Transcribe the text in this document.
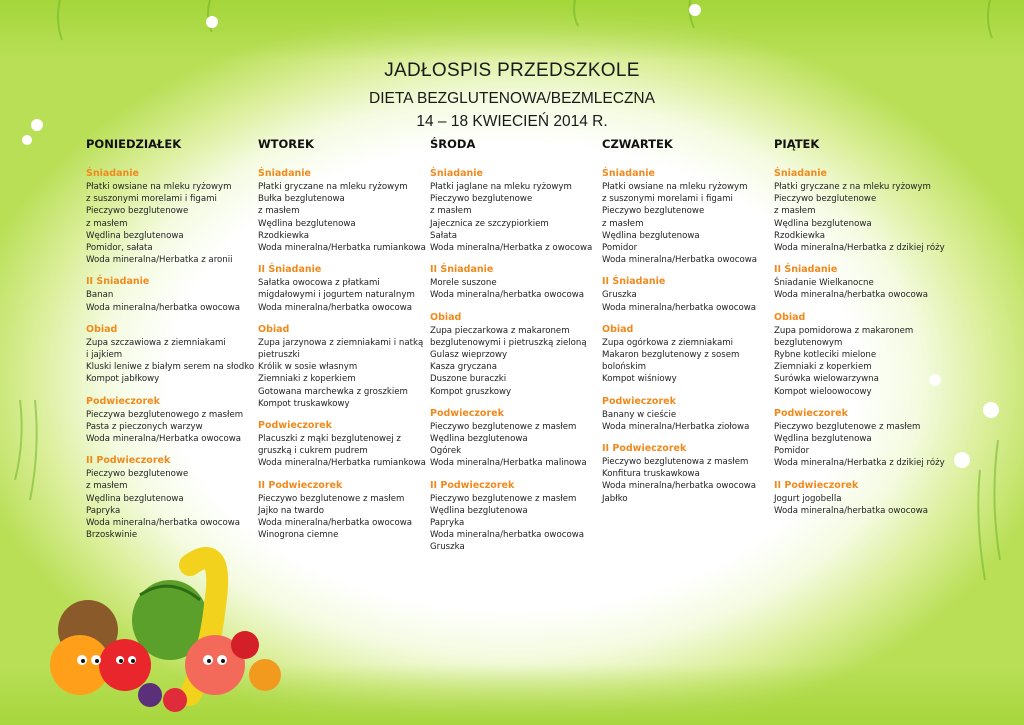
JADŁOSPIS PRZEDSZKOLE
DIETA BEZGLUTENOWA/BEZMLECZNA
14 – 18 KWIECIEŃ 2014 R.
PONIEDZIAŁEK
Śniadanie
Płatki owsiane na mleku ryżowym
z suszonymi morelami i figami
Pieczywo bezglutenowe
z masłem
Wędlina bezglutenowa
Pomidor, sałata
Woda mineralna/Herbatka z aronii
II Śniadanie
Banan
Woda mineralna/herbatka owocowa
Obiad
Zupa szczawiowa z ziemniakami
i jajkiem
Kluski leniwe z białym serem na słodko
Kompot jabłkowy
Podwieczorek
Pieczywa bezglutenowego z masłem
Pasta z pieczonych warzyw
Woda mineralna/Herbatka owocowa
II Podwieczorek
Pieczywo bezglutenowe
z masłem
Wędlina bezglutenowa
Papryka
Woda mineralna/herbatka owocowa
Brzoskwinie
WTOREK
Śniadanie
Płatki gryczane na mleku ryżowym
Bułka bezglutenowa
z masłem
Wędlina bezglutenowa
Rzodkiewka
Woda mineralna/Herbatka rumiankowa
II Śniadanie
Sałatka owocowa z płatkami
migdałowymi i jogurtem naturalnym
Woda mineralna/herbatka owocowa
Obiad
Zupa jarzynowa z ziemniakami i natką
pietruszki
Królik w sosie własnym
Ziemniaki z koperkiem
Gotowana marchewka z groszkiem
Kompot truskawkowy
Podwieczorek
Placuszki z mąki bezglutenowej z
gruszką i cukrem pudrem
Woda mineralna/Herbatka rumiankowa
II Podwieczorek
Pieczywo bezglutenowe z masłem
Jajko na twardo
Woda mineralna/herbatka owocowa
Winogrona ciemne
ŚRODA
Śniadanie
Płatki jaglane na mleku ryżowym
Pieczywo bezglutenowe
z masłem
Jajecznica ze szczypiorkiem
Sałata
Woda mineralna/Herbatka z owocowa
II Śniadanie
Morele suszone
Woda mineralna/herbatka owocowa
Obiad
Zupa pieczarkowa z makaronem
bezglutenowymi i pietruszką zieloną
Gulasz wieprzowy
Kasza gryczana
Duszone buraczki
Kompot gruszkowy
Podwieczorek
Pieczywo bezglutenowe z masłem
Wędlina bezglutenowa
Ogórek
Woda mineralna/Herbatka malinowa
II Podwieczorek
Pieczywo bezglutenowe z masłem
Wędlina bezglutenowa
Papryka
Woda mineralna/herbatka owocowa
Gruszka
CZWARTEK
Śniadanie
Płatki owsiane na mleku ryżowym
z suszonymi morelami i figami
Pieczywo bezglutenowe
z masłem
Wędlina bezglutenowa
Pomidor
Woda mineralna/Herbatka owocowa
II Śniadanie
Gruszka
Woda mineralna/herbatka owocowa
Obiad
Zupa ogórkowa z ziemniakami
Makaron bezglutenowy z sosem
bolońskim
Kompot wiśniowy
Podwieczorek
Banany w cieście
Woda mineralna/Herbatka ziołowa
II Podwieczorek
Pieczywo bezglutenowa z masłem
Konfitura truskawkowa
Woda mineralna/herbatka owocowa
Jabłko
PIĄTEK
Śniadanie
Płatki gryczane z na mleku ryżowym
Pieczywo bezglutenowe
z masłem
Wędlina bezglutenowa
Rzodkiewka
Woda mineralna/Herbatka z dzikiej róży
II Śniadanie
Śniadanie Wielkanocne
Woda mineralna/herbatka owocowa
Obiad
Zupa pomidorowa z makaronem
bezglutenowym
Rybne kotleciki mielone
Ziemniaki z koperkiem
Surówka wielowarzywna
Kompot wieloowocowy
Podwieczorek
Pieczywo bezglutenowe z masłem
Wędlina bezglutenowa
Pomidor
Woda mineralna/Herbatka z dzikiej róży
II Podwieczorek
Jogurt jogobella
Woda mineralna/herbatka owocowa
